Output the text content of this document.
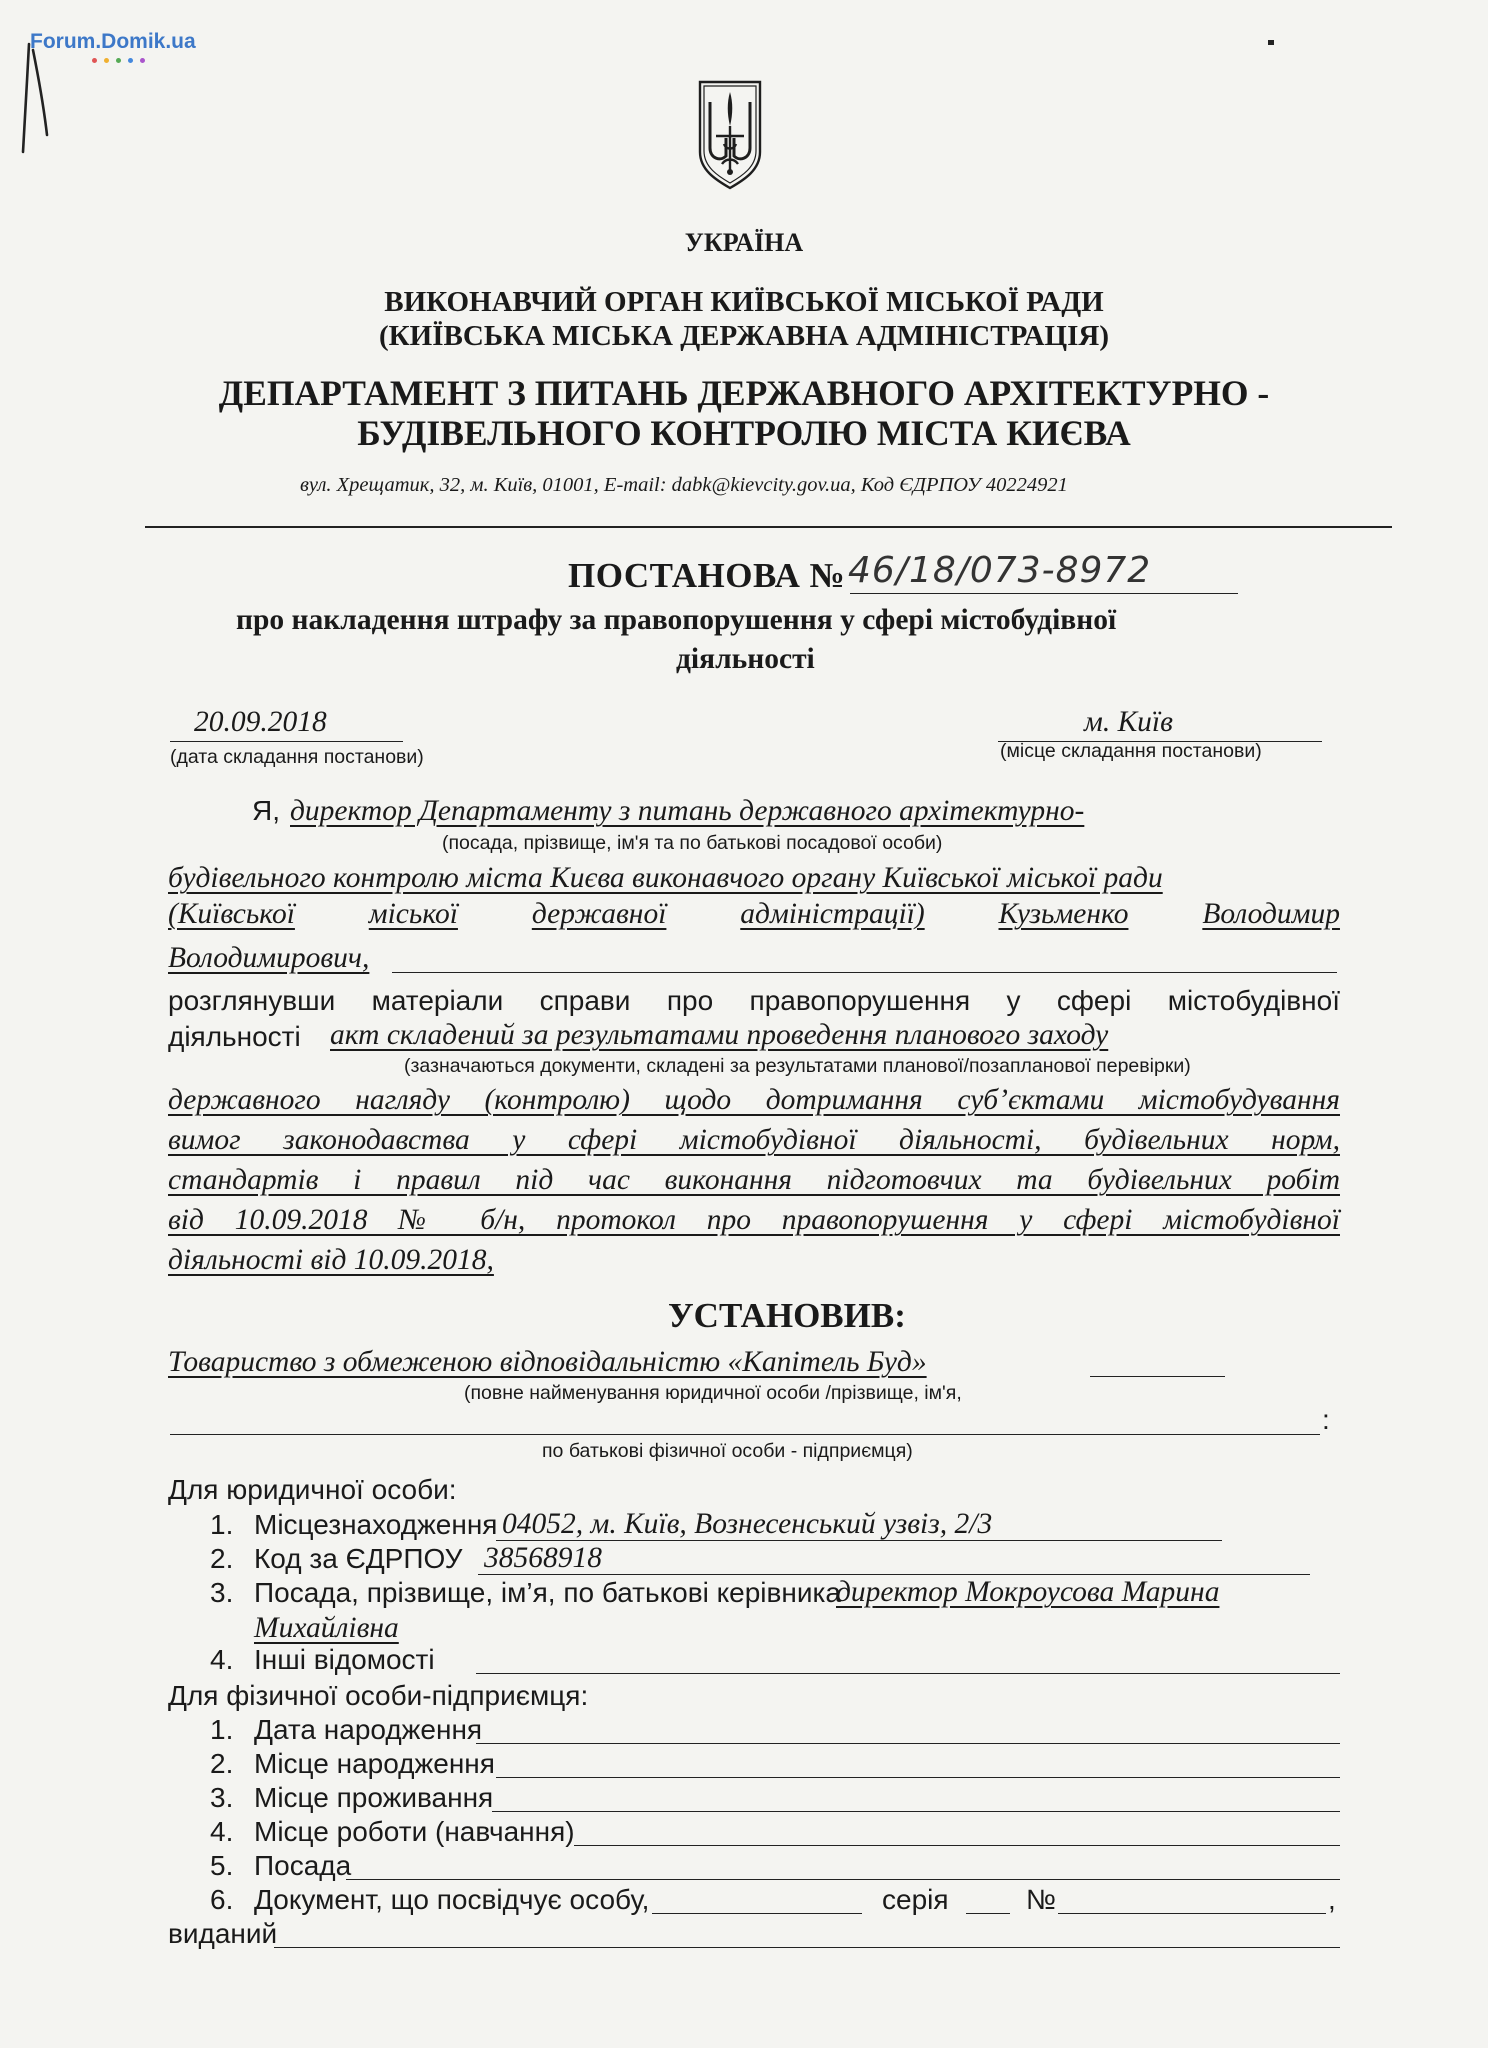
Forum.Domik.ua
УКРАЇНА
ВИКОНАВЧИЙ ОРГАН КИЇВСЬКОЇ МІСЬКОЇ РАДИ
(КИЇВСЬКА МІСЬКА ДЕРЖАВНА АДМІНІСТРАЦІЯ)
ДЕПАРТАМЕНТ З ПИТАНЬ ДЕРЖАВНОГО АРХІТЕКТУРНО -
БУДІВЕЛЬНОГО КОНТРОЛЮ МІСТА КИЄВА
вул. Хрещатик, 32, м. Київ, 01001, E-mail: dabk@kievcity.gov.ua, Код ЄДРПОУ 40224921
ПОСТАНОВА № 46/18/073-8972
про накладення штрафу за правопорушення у сфері містобудівної
діяльності
20.09.2018
(дата складання постанови)
м. Київ
(місце складання постанови)
Я, директор Департаменту з питань державного архітектурно-
(посада, прізвище, ім'я та по батькові посадової особи)
будівельного контролю міста Києва виконавчого органу Київської міської ради
(Київської	міської	державної	адміністрації)	Кузьменко	Володимир
Володимирович,
розглянувши матеріали справи про правопорушення у сфері містобудівної
діяльності акт складений за результатами проведення планового заходу
(зазначаються документи, складені за результатами планової/позапланової перевірки)
державного нагляду (контролю) щодо дотримання суб’єктами містобудування
вимог законодавства у сфері містобудівної діяльності, будівельних норм,
стандартів і правил під час виконання підготовчих та будівельних робіт
від 10.09.2018 № б/н, протокол про правопорушення у сфері містобудівної
діяльності від 10.09.2018,
УСТАНОВИВ:
Товариство з обмеженою відповідальністю «Капітель Буд»
(повне найменування юридичної особи /прізвище, ім'я,
:
по батькові фізичної особи - підприємця)
Для юридичної особи:
1. Місцезнаходження 04052, м. Київ, Вознесенський узвіз, 2/3
2. Код за ЄДРПОУ 38568918
3. Посада, прізвище, ім’я, по батькові керівника
директор Мокроусова Марина
Михайлівна
4. Інші відомості
Для фізичної особи-підприємця:
1. Дата народження
2. Місце народження
3. Місце проживання
4. Місце роботи (навчання)
5. Посада
6. Документ, що посвідчує особу,	серія	№	,
виданий
